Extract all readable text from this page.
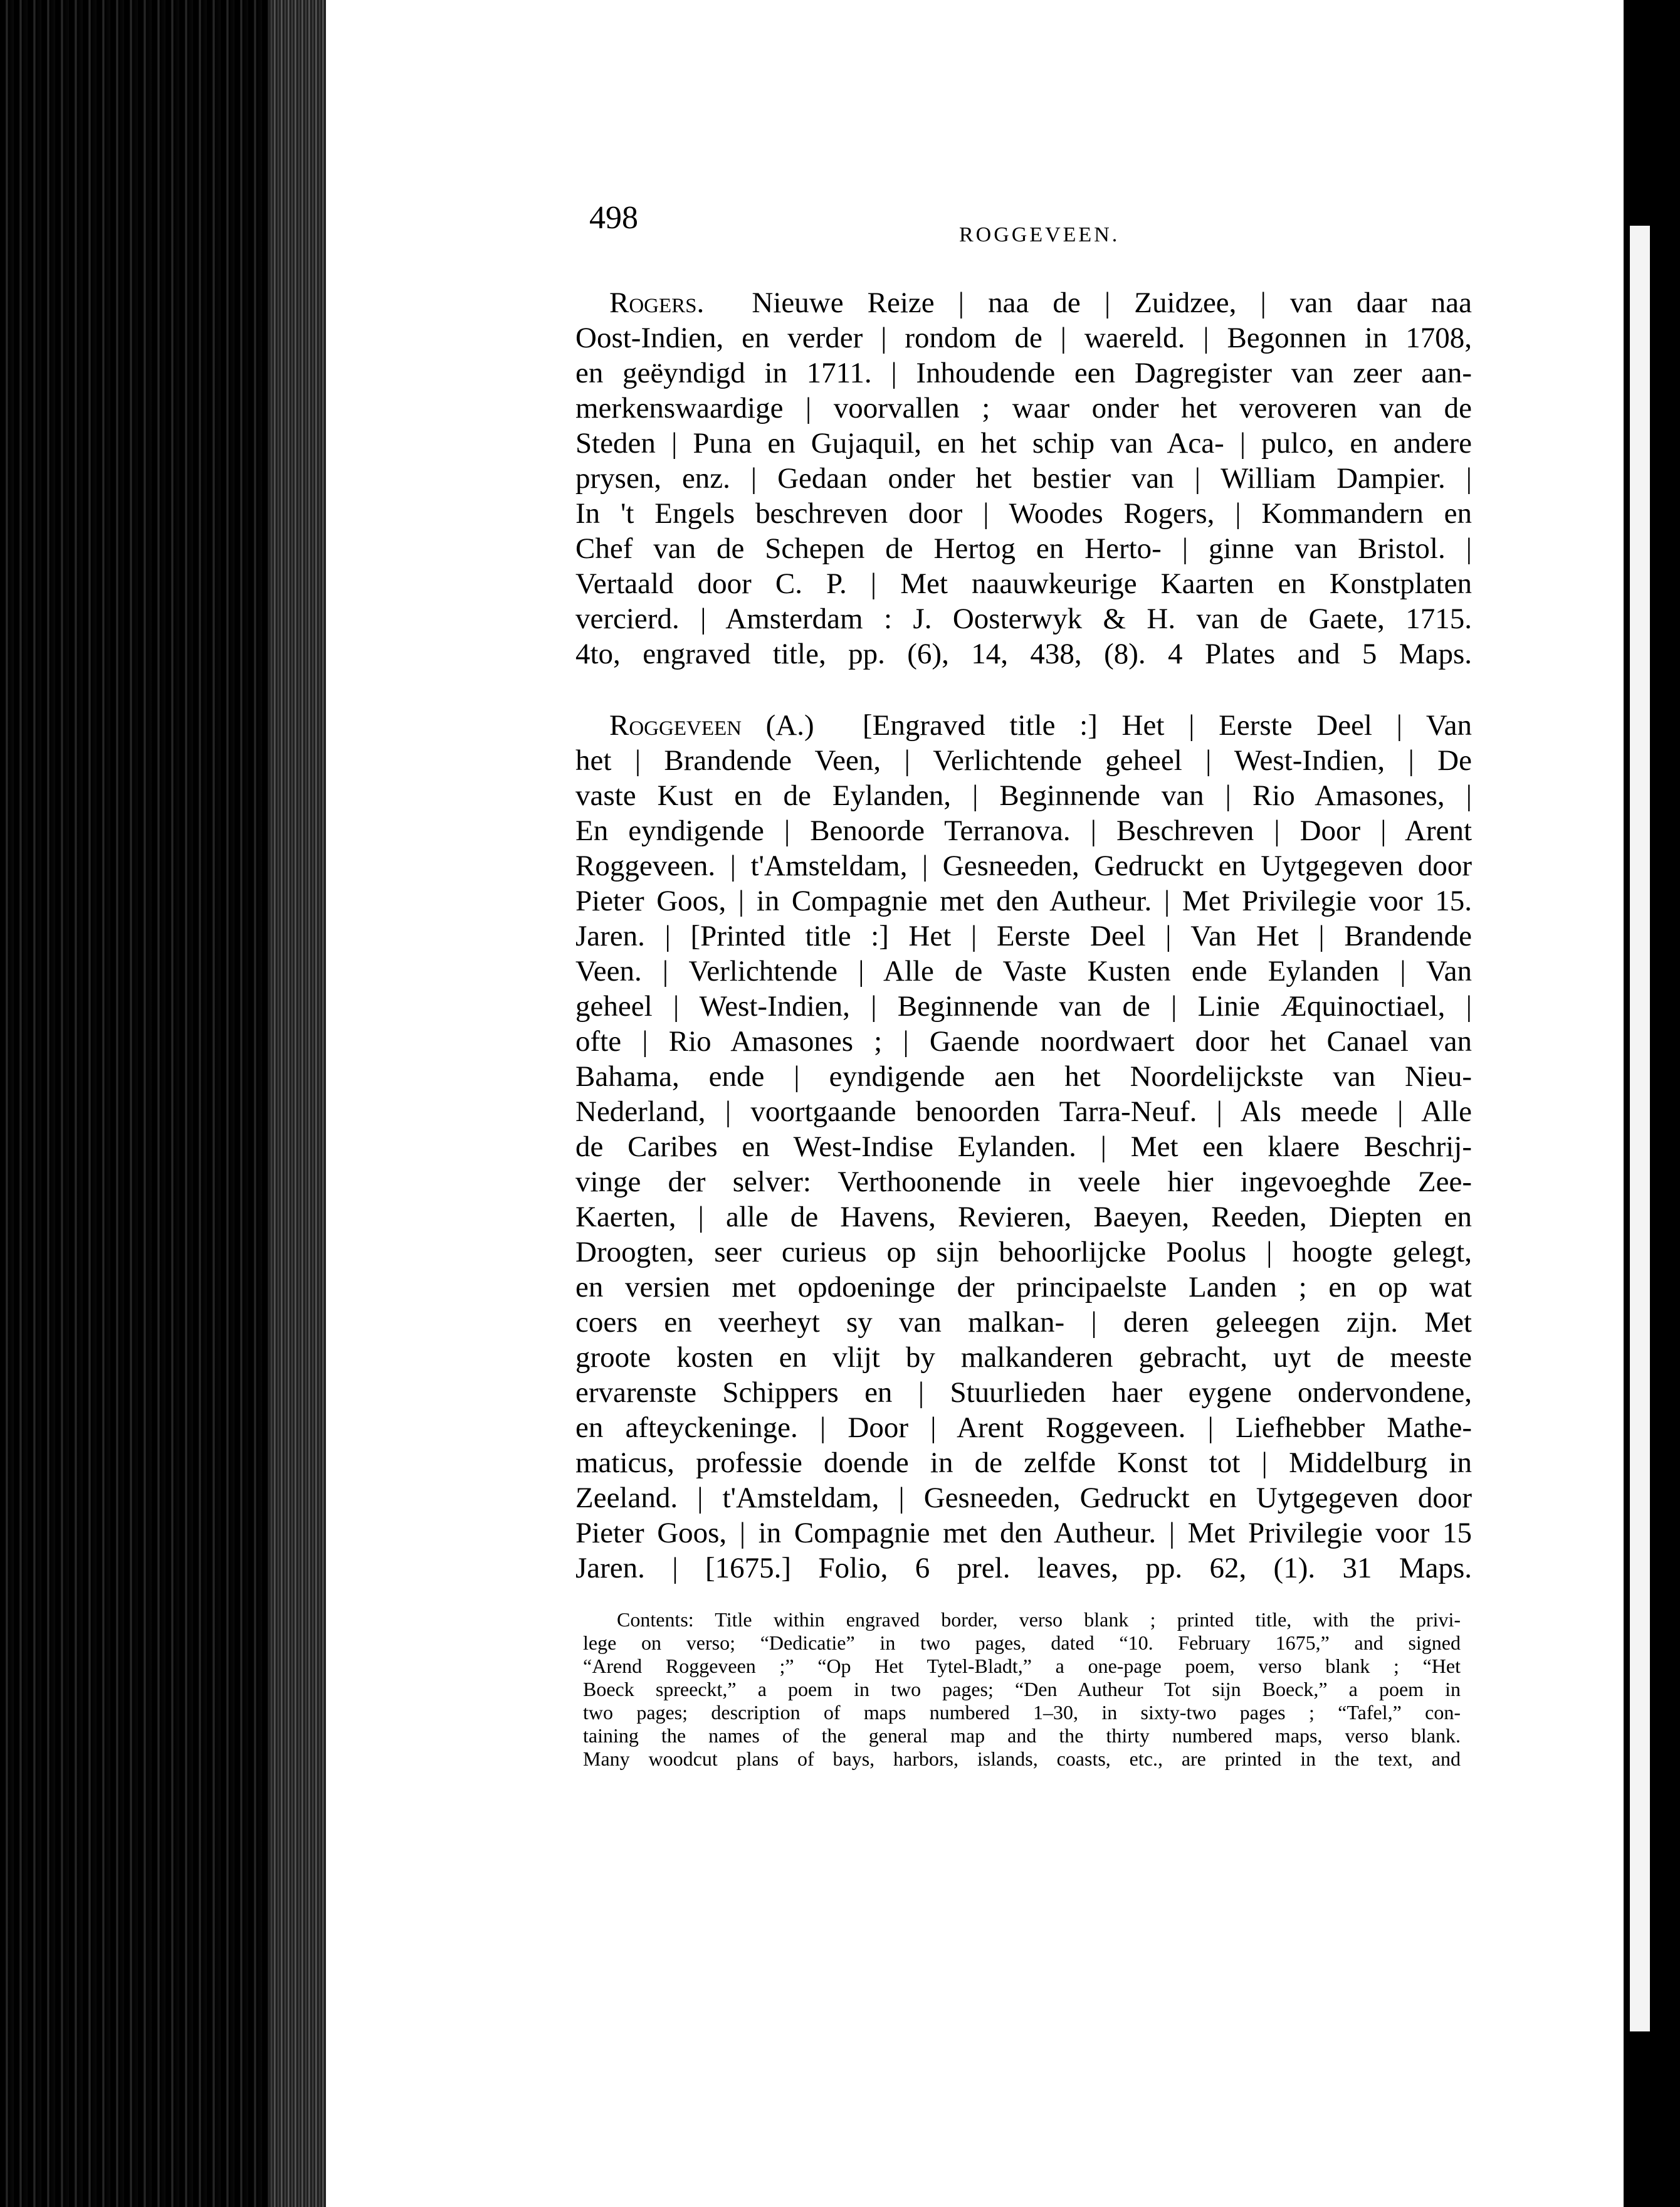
498	ROGGEVEEN.
Rogers. Nieuwe Reize | naa de | Zuidzee, | van daar naa
Oost-Indien, en verder | rondom de | waereld. | Begonnen in 1708,
en geëyndigd in 1711. | Inhoudende een Dagregister van zeer aan-
merkenswaardige | voorvallen ; waar onder het veroveren van de
Steden | Puna en Gujaquil, en het schip van Aca- | pulco, en andere
prysen, enz. | Gedaan onder het bestier van | William Dampier. |
In 't Engels beschreven door | Woodes Rogers, | Kommandern en
Chef van de Schepen de Hertog en Herto- | ginne van Bristol. |
Vertaald door C. P. | Met naauwkeurige Kaarten en Konstplaten
vercierd. | Amsterdam : J. Oosterwyk & H. van de Gaete, 1715.
4to, engraved title, pp. (6), 14, 438, (8). 4 Plates and 5 Maps.
Roggeveen (A.) [Engraved title :] Het | Eerste Deel | Van
het | Brandende Veen, | Verlichtende geheel | West-Indien, | De
vaste Kust en de Eylanden, | Beginnende van | Rio Amasones, |
En eyndigende | Benoorde Terranova. | Beschreven | Door | Arent
Roggeveen. | t'Amsteldam, | Gesneeden, Gedruckt en Uytgegeven door
Pieter Goos, | in Compagnie met den Autheur. | Met Privilegie voor 15.
Jaren. | [Printed title :] Het | Eerste Deel | Van Het | Brandende
Veen. | Verlichtende | Alle de Vaste Kusten ende Eylanden | Van
geheel | West-Indien, | Beginnende van de | Linie Æquinoctiael, |
ofte | Rio Amasones ; | Gaende noordwaert door het Canael van
Bahama, ende | eyndigende aen het Noordelijckste van Nieu-
Nederland, | voortgaande benoorden Tarra-Neuf. | Als meede | Alle
de Caribes en West-Indise Eylanden. | Met een klaere Beschrij-
vinge der selver: Verthoonende in veele hier ingevoeghde Zee-
Kaerten, | alle de Havens, Revieren, Baeyen, Reeden, Diepten en
Droogten, seer curieus op sijn behoorlijcke Poolus | hoogte gelegt,
en versien met opdoeninge der principaelste Landen ; en op wat
coers en veerheyt sy van malkan- | deren geleegen zijn. Met
groote kosten en vlijt by malkanderen gebracht, uyt de meeste
ervarenste Schippers en | Stuurlieden haer eygene ondervondene,
en afteyckeninge. | Door | Arent Roggeveen. | Liefhebber Mathe-
maticus, professie doende in de zelfde Konst tot | Middelburg in
Zeeland. | t'Amsteldam, | Gesneeden, Gedruckt en Uytgegeven door
Pieter Goos, | in Compagnie met den Autheur. | Met Privilegie voor 15
Jaren. | [1675.] Folio, 6 prel. leaves, pp. 62, (1). 31 Maps.
Contents: Title within engraved border, verso blank ; printed title, with the privi-
lege on verso; “Dedicatie” in two pages, dated “10. February 1675,” and signed
“Arend Roggeveen ;” “Op Het Tytel-Bladt,” a one-page poem, verso blank ; “Het
Boeck spreeckt,” a poem in two pages; “Den Autheur Tot sijn Boeck,” a poem in
two pages; description of maps numbered 1–30, in sixty-two pages ; “Tafel,” con-
taining the names of the general map and the thirty numbered maps, verso blank.
Many woodcut plans of bays, harbors, islands, coasts, etc., are printed in the text, and
